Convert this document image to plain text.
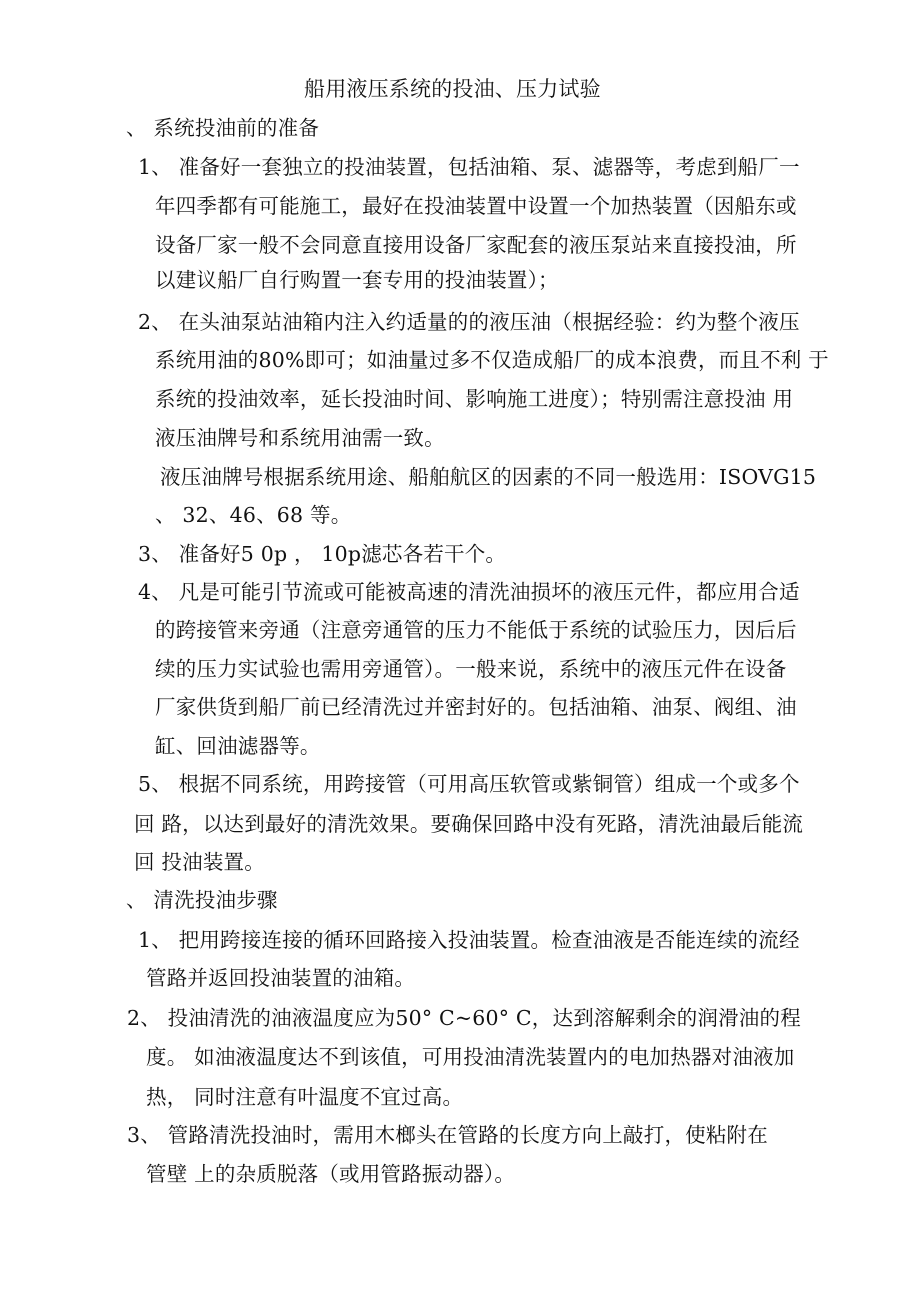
船用液压系统的投油、压力试验
、 系统投油前的准备
1、 准备好一套独立的投油装置，包括油箱、泵、滤器等，考虑到船厂一
年四季都有可能施工，最好在投油装置中设置一个加热装置（因船东或
设备厂家一般不会同意直接用设备厂家配套的液压泵站来直接投油，所
以建议船厂自行购置一套专用的投油装置）；
2、 在头油泵站油箱内注入约适量的的液压油（根据经验：约为整个液压
系统用油的80%即可；如油量过多不仅造成船厂的成本浪费，而且不利 于
系统的投油效率，延长投油时间、影响施工进度）；特别需注意投油 用
液压油牌号和系统用油需一致。
液压油牌号根据系统用途、船舶航区的因素的不同一般选用：ISOVG15
、 32、46、68 等。
3、 准备好5 0p ， 10p滤芯各若干个。
4、 凡是可能引节流或可能被高速的清洗油损坏的液压元件，都应用合适
的跨接管来旁通（注意旁通管的压力不能低于系统的试验压力，因后后
续的压力实试验也需用旁通管）。一般来说，系统中的液压元件在设备
厂家供货到船厂前已经清洗过并密封好的。包括油箱、油泵、阀组、油
缸、回油滤器等。
5、 根据不同系统，用跨接管（可用高压软管或紫铜管）组成一个或多个
回 路，以达到最好的清洗效果。要确保回路中没有死路，清洗油最后能流
回 投油装置。
、 清洗投油步骤
1、 把用跨接连接的循环回路接入投油装置。检查油液是否能连续的流经
管路并返回投油装置的油箱。
2、 投油清洗的油液温度应为50° C~60° C，达到溶解剩余的润滑油的程
度。 如油液温度达不到该值，可用投油清洗装置内的电加热器对油液加
热， 同时注意有叶温度不宜过高。
3、 管路清洗投油时，需用木榔头在管路的长度方向上敲打，使粘附在
管壁 上的杂质脱落（或用管路振动器）。
